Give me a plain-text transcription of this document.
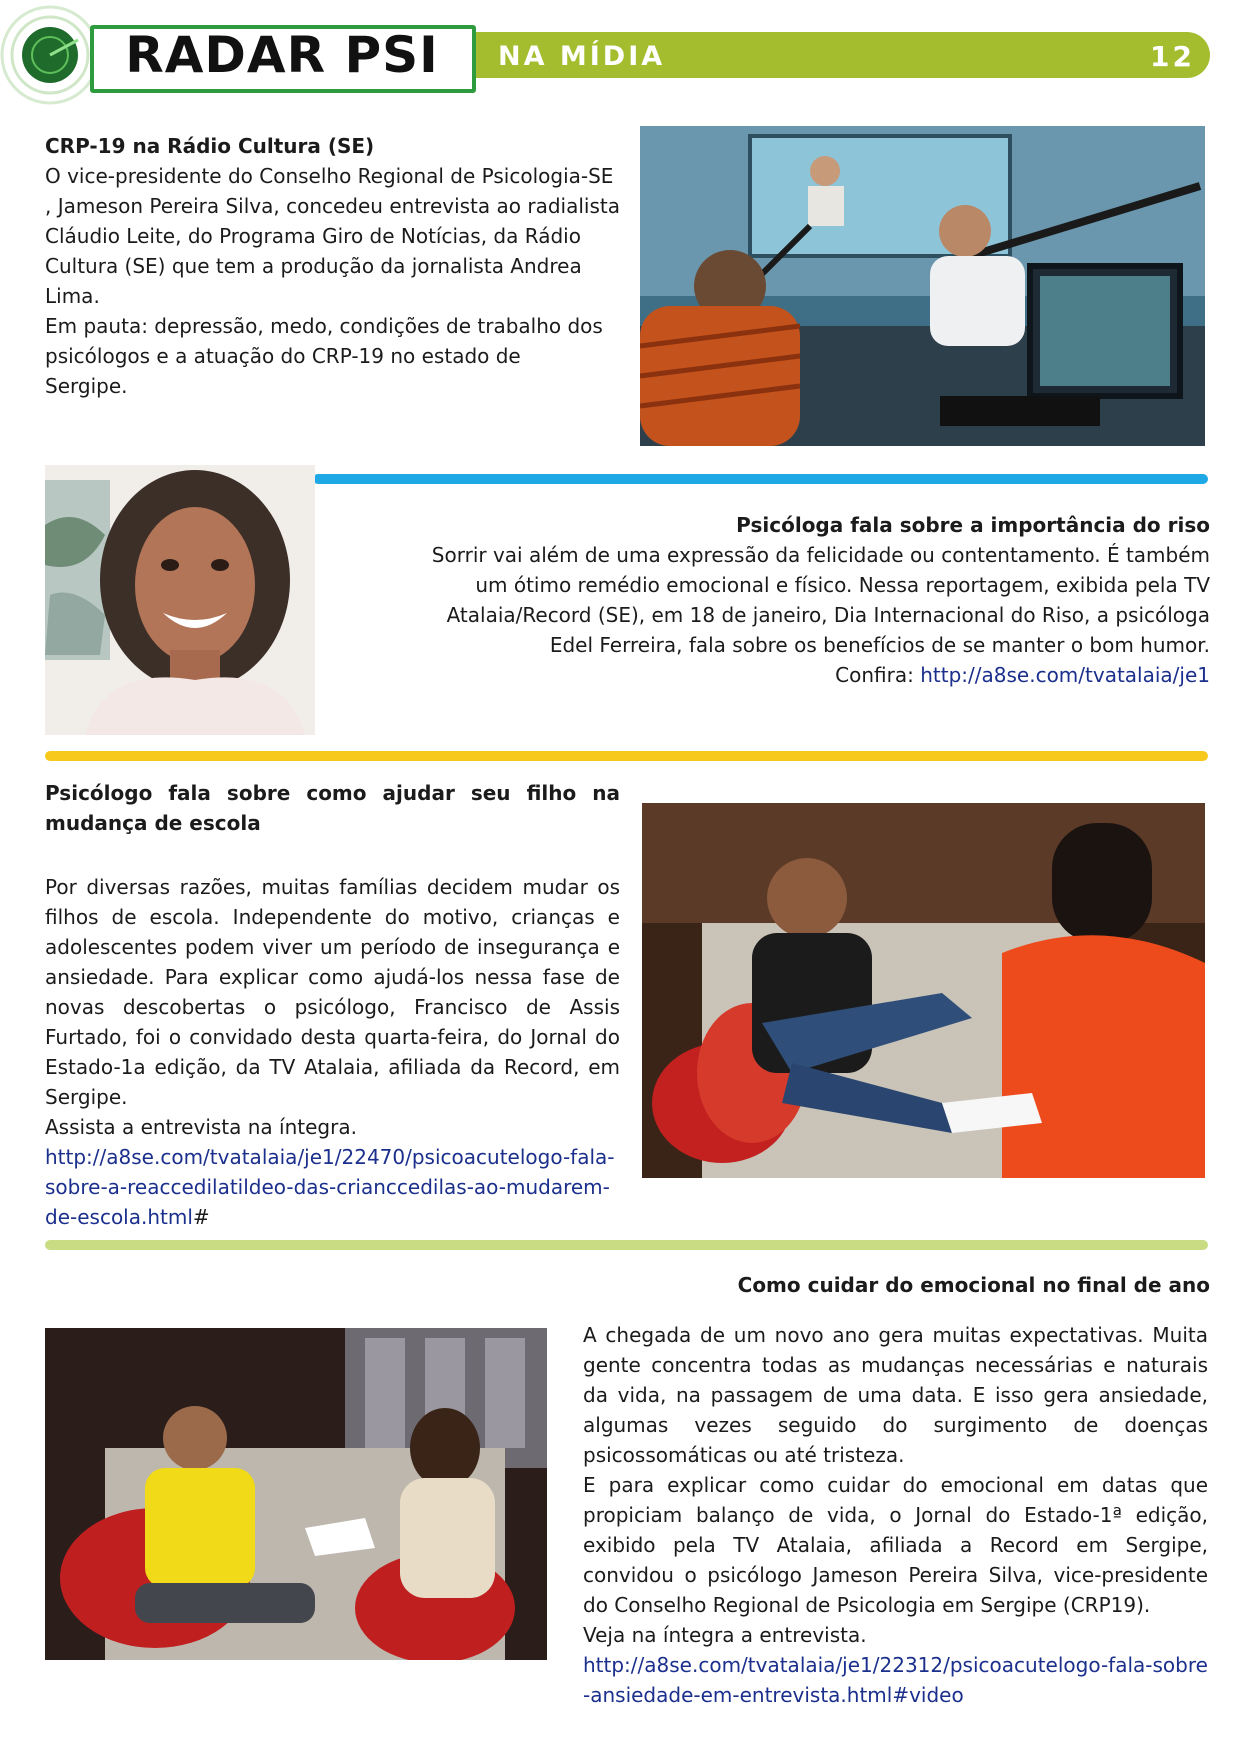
RADAR PSI	NA MÍDIA	12
CRP-19 na Rádio Cultura (SE)
O vice-presidente do Conselho Regional de Psicologia-SE , Jameson Pereira Silva, concedeu entrevista ao radialista Cláudio Leite, do Programa Giro de Notícias, da Rádio Cultura (SE) que tem a produção da jornalista Andrea Lima.
Em pauta: depressão, medo, condições de trabalho dos psicólogos e a atuação do CRP-19 no estado de Sergipe.
Psicóloga fala sobre a importância do riso
Sorrir vai além de uma expressão da felicidade ou contentamento. É também um ótimo remédio emocional e físico. Nessa reportagem, exibida pela TV Atalaia/Record (SE), em 18 de janeiro, Dia Internacional do Riso, a psicóloga Edel Ferreira, fala sobre os benefícios de se manter o bom humor.
Confira: http://a8se.com/tvatalaia/je1
Psicólogo fala sobre como ajudar seu filho na mudança de escola
Por diversas razões, muitas famílias decidem mudar os filhos de escola. Independente do motivo, crianças e adolescentes podem viver um período de insegurança e ansiedade. Para explicar como ajudá-los nessa fase de novas descobertas o psicólogo, Francisco de Assis Furtado, foi o convidado desta quarta-feira, do Jornal do Estado-1a edição, da TV Atalaia, afiliada da Record, em Sergipe.
Assista a entrevista na íntegra.
http://a8se.com/tvatalaia/je1/22470/psicoacutelogo-fala-sobre-a-reaccedilatildeo-das-crianccedilas-ao-mudarem-de-escola.html#
Como cuidar do emocional no final de ano
A chegada de um novo ano gera muitas expectativas. Muita gente concentra todas as mudanças necessárias e naturais da vida, na passagem de uma data. E isso gera ansiedade, algumas vezes seguido do surgimento de doenças psicossomáticas ou até tristeza.
E para explicar como cuidar do emocional em datas que propiciam balanço de vida, o Jornal do Estado-1ª edição, exibido pela TV Atalaia, afiliada a Record em Sergipe, convidou o psicólogo Jameson Pereira Silva, vice-presidente do Conselho Regional de Psicologia em Sergipe (CRP19).
Veja na íntegra a entrevista.
http://a8se.com/tvatalaia/je1/22312/psicoacutelogo-fala-sobre-ansiedade-em-entrevista.html#video
